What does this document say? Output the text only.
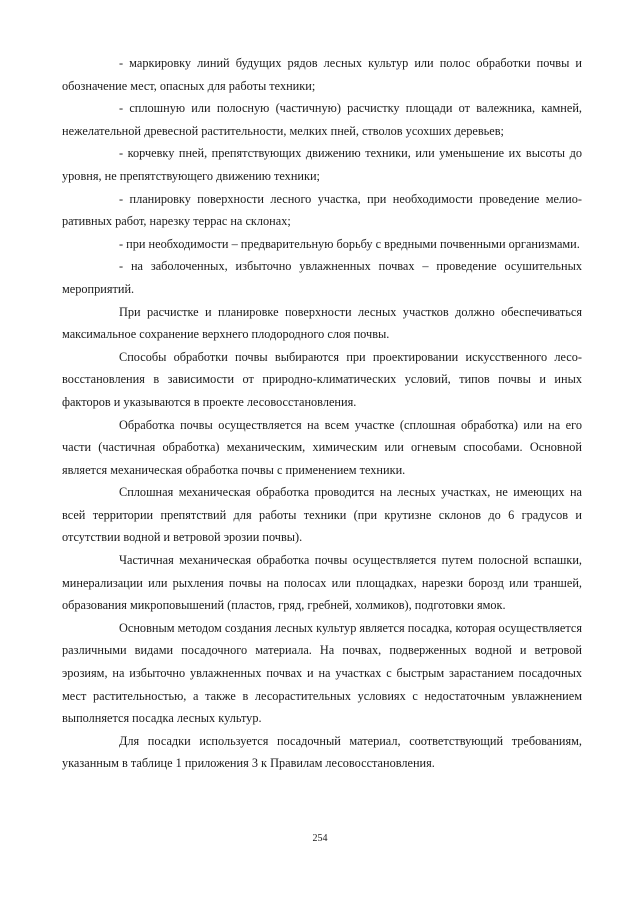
- маркировку линий будущих рядов лесных культур или полос обработки почвы и обозначение мест, опасных для работы техники;

- сплошную или полосную (частичную) расчистку площади от валежника, камней, нежелательной древесной растительности, мелких пней, стволов усохших деревьев;

- корчевку пней, препятствующих движению техники, или уменьшение их высоты до уровня, не препятствующего движению техники;

- планировку поверхности лесного участка, при необходимости проведение мелиоративных работ, нарезку террас на склонах;

- при необходимости – предварительную борьбу с вредными почвенными организмами.

- на заболоченных, избыточно увлажненных почвах – проведение осушительных мероприятий.

При расчистке и планировке поверхности лесных участков должно обеспечиваться максимальное сохранение верхнего плодородного слоя почвы.

Способы обработки почвы выбираются при проектировании искусственного лесовосстановления в зависимости от природно-климатических условий, типов почвы и иных факторов и указываются в проекте лесовосстановления.

Обработка почвы осуществляется на всем участке (сплошная обработка) или на его части (частичная обработка) механическим, химическим или огневым способами. Основной является механическая обработка почвы с применением техники.

Сплошная механическая обработка проводится на лесных участках, не имеющих на всей территории препятствий для работы техники (при крутизне склонов до 6 градусов и отсутствии водной и ветровой эрозии почвы).

Частичная механическая обработка почвы осуществляется путем полосной вспашки, минерализации или рыхления почвы на полосах или площадках, нарезки борозд или траншей, образования микроповышений (пластов, гряд, гребней, холмиков), подготовки ямок.

Основным методом создания лесных культур является посадка, которая осуществляется различными видами посадочного материала. На почвах, подверженных водной и ветровой эрозиям, на избыточно увлажненных почвах и на участках с быстрым зарастанием посадочных мест растительностью, а также в лесорастительных условиях с недостаточным увлажнением выполняется посадка лесных культур.

Для посадки используется посадочный материал, соответствующий требованиям, указанным в таблице 1 приложения 3 к Правилам лесовосстановления.

254
